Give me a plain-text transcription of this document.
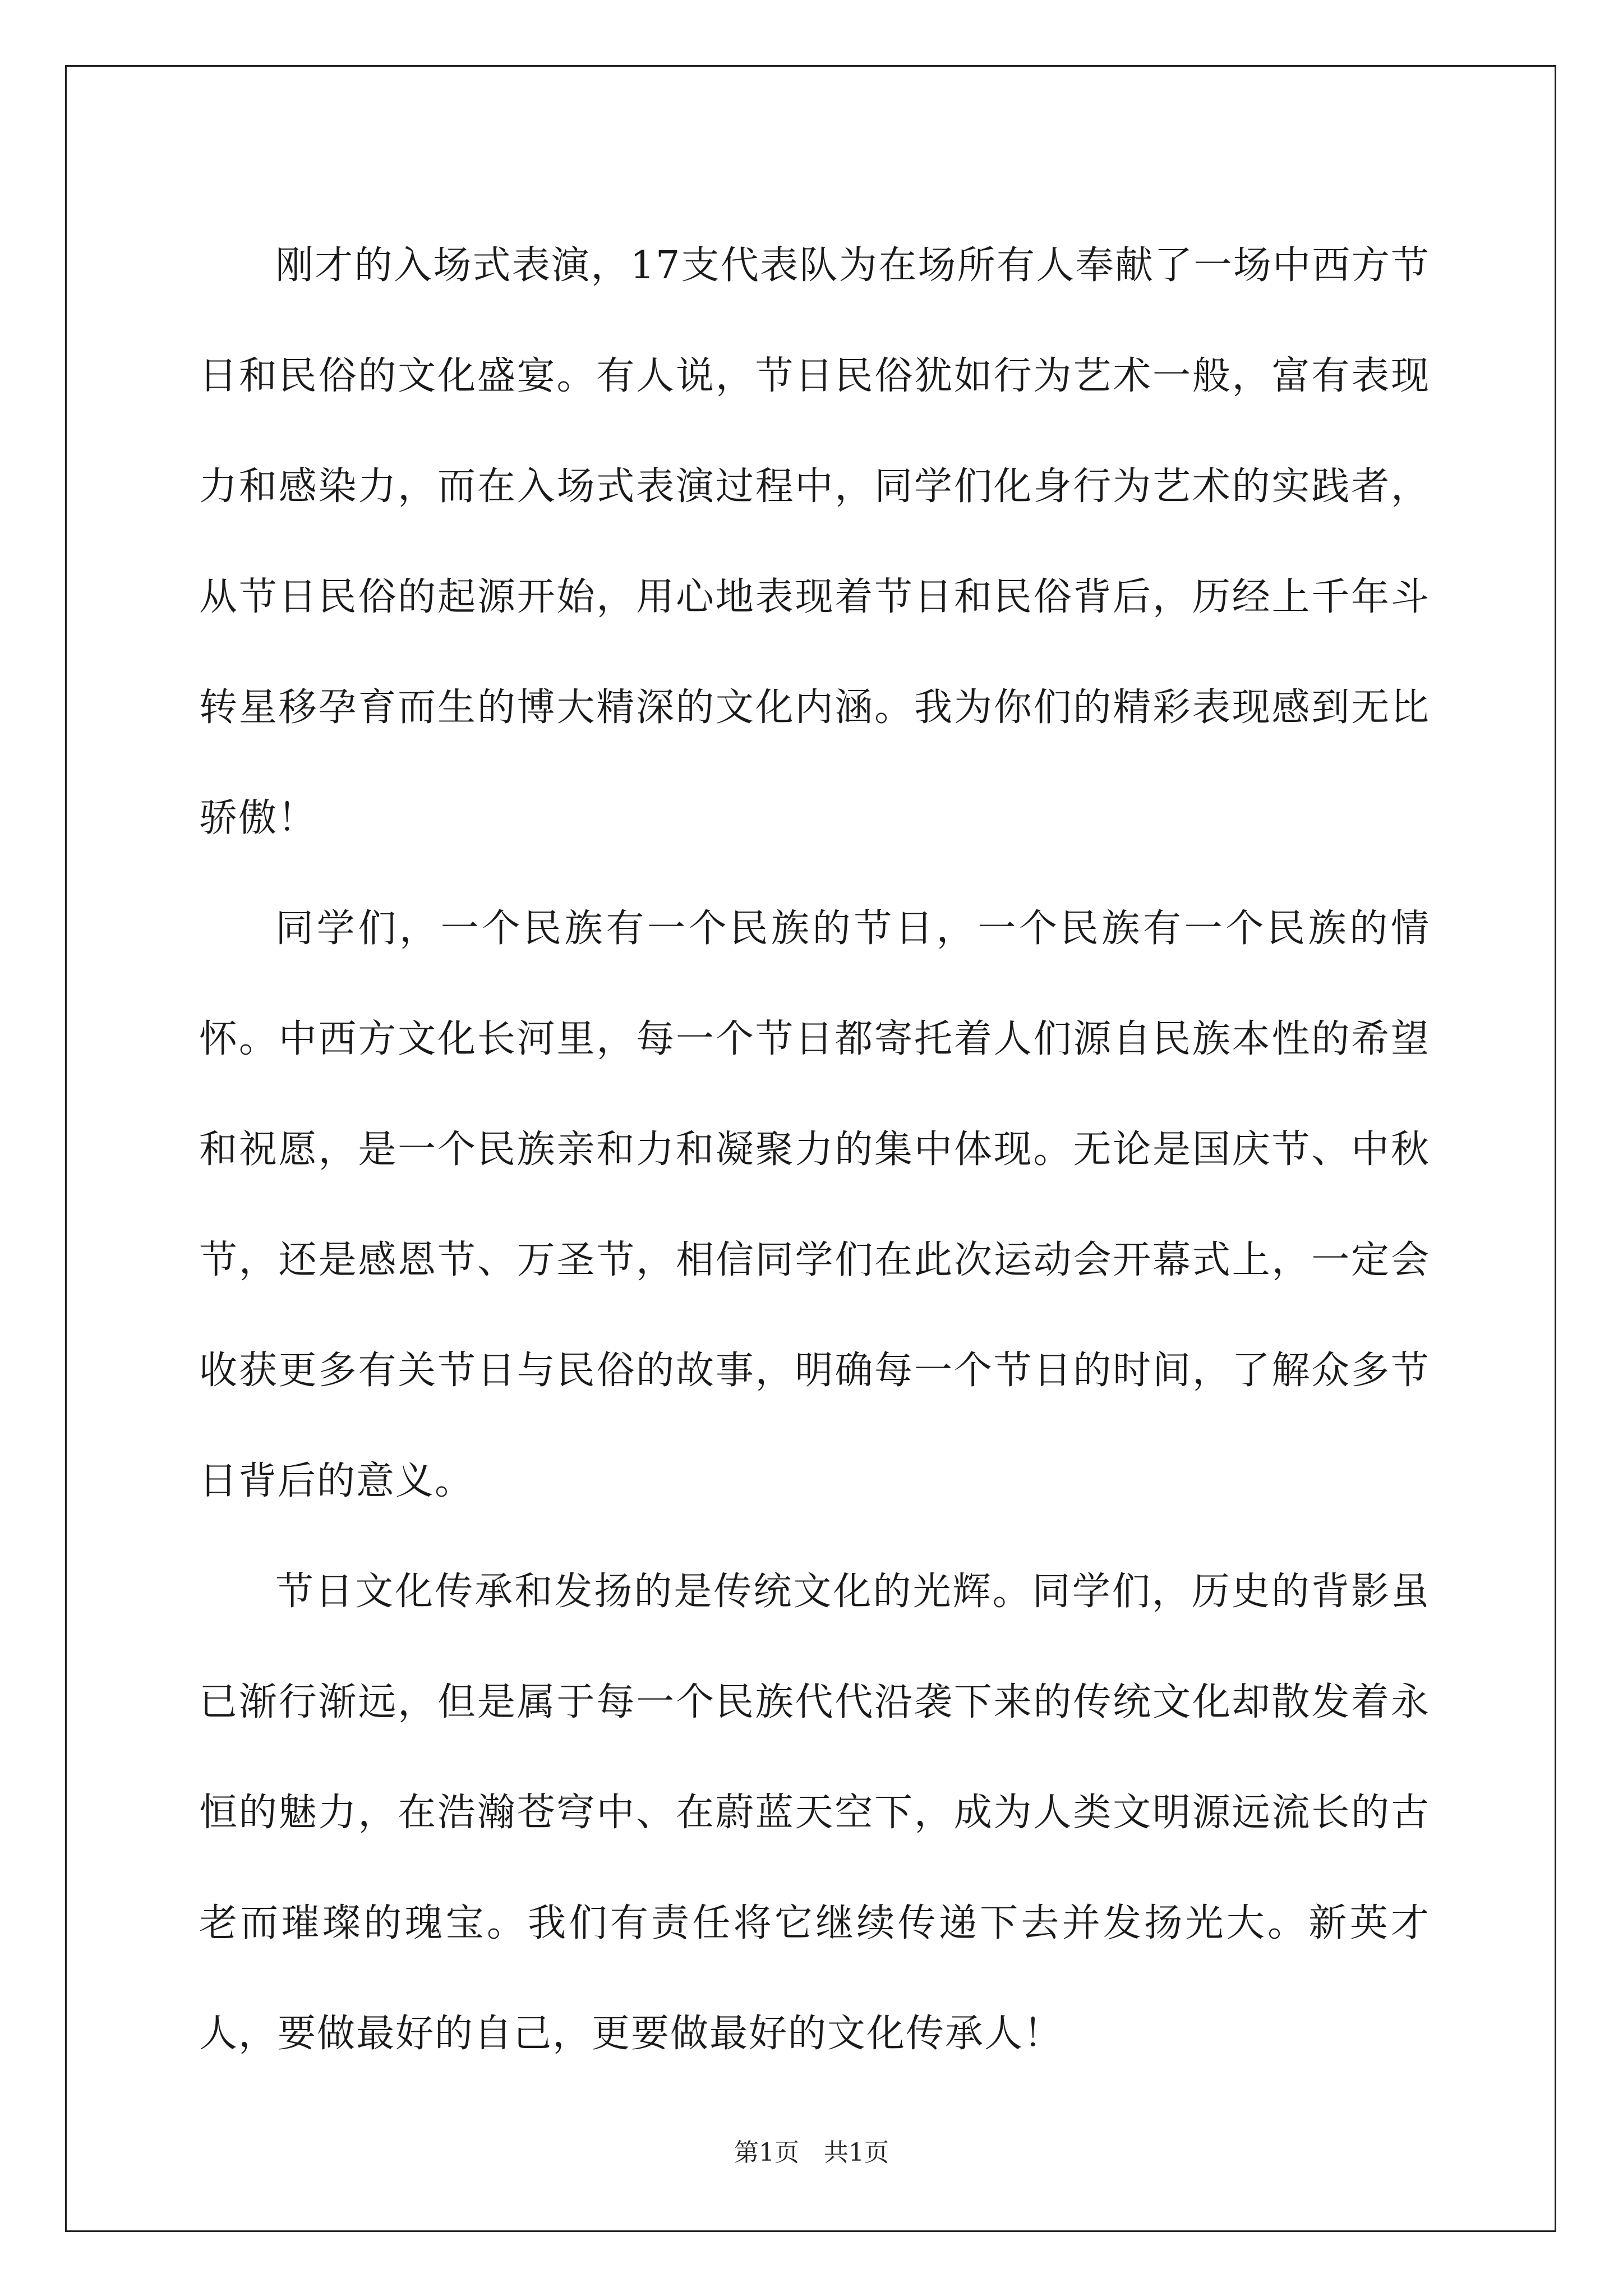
刚才的入场式表演，17支代表队为在场所有人奉献了一场中西方节日和民俗的文化盛宴。有人说，节日民俗犹如行为艺术一般，富有表现力和感染力，而在入场式表演过程中，同学们化身行为艺术的实践者，从节日民俗的起源开始，用心地表现着节日和民俗背后，历经上千年斗转星移孕育而生的博大精深的文化内涵。我为你们的精彩表现感到无比骄傲！

同学们，一个民族有一个民族的节日，一个民族有一个民族的情怀。中西方文化长河里，每一个节日都寄托着人们源自民族本性的希望和祝愿，是一个民族亲和力和凝聚力的集中体现。无论是国庆节、中秋节，还是感恩节、万圣节，相信同学们在此次运动会开幕式上，一定会收获更多有关节日与民俗的故事，明确每一个节日的时间，了解众多节日背后的意义。

节日文化传承和发扬的是传统文化的光辉。同学们，历史的背影虽已渐行渐远，但是属于每一个民族代代沿袭下来的传统文化却散发着永恒的魅力，在浩瀚苍穹中、在蔚蓝天空下，成为人类文明源远流长的古老而璀璨的瑰宝。我们有责任将它继续传递下去并发扬光大。新英才人，要做最好的自己，更要做最好的文化传承人！

第1页　共1页
